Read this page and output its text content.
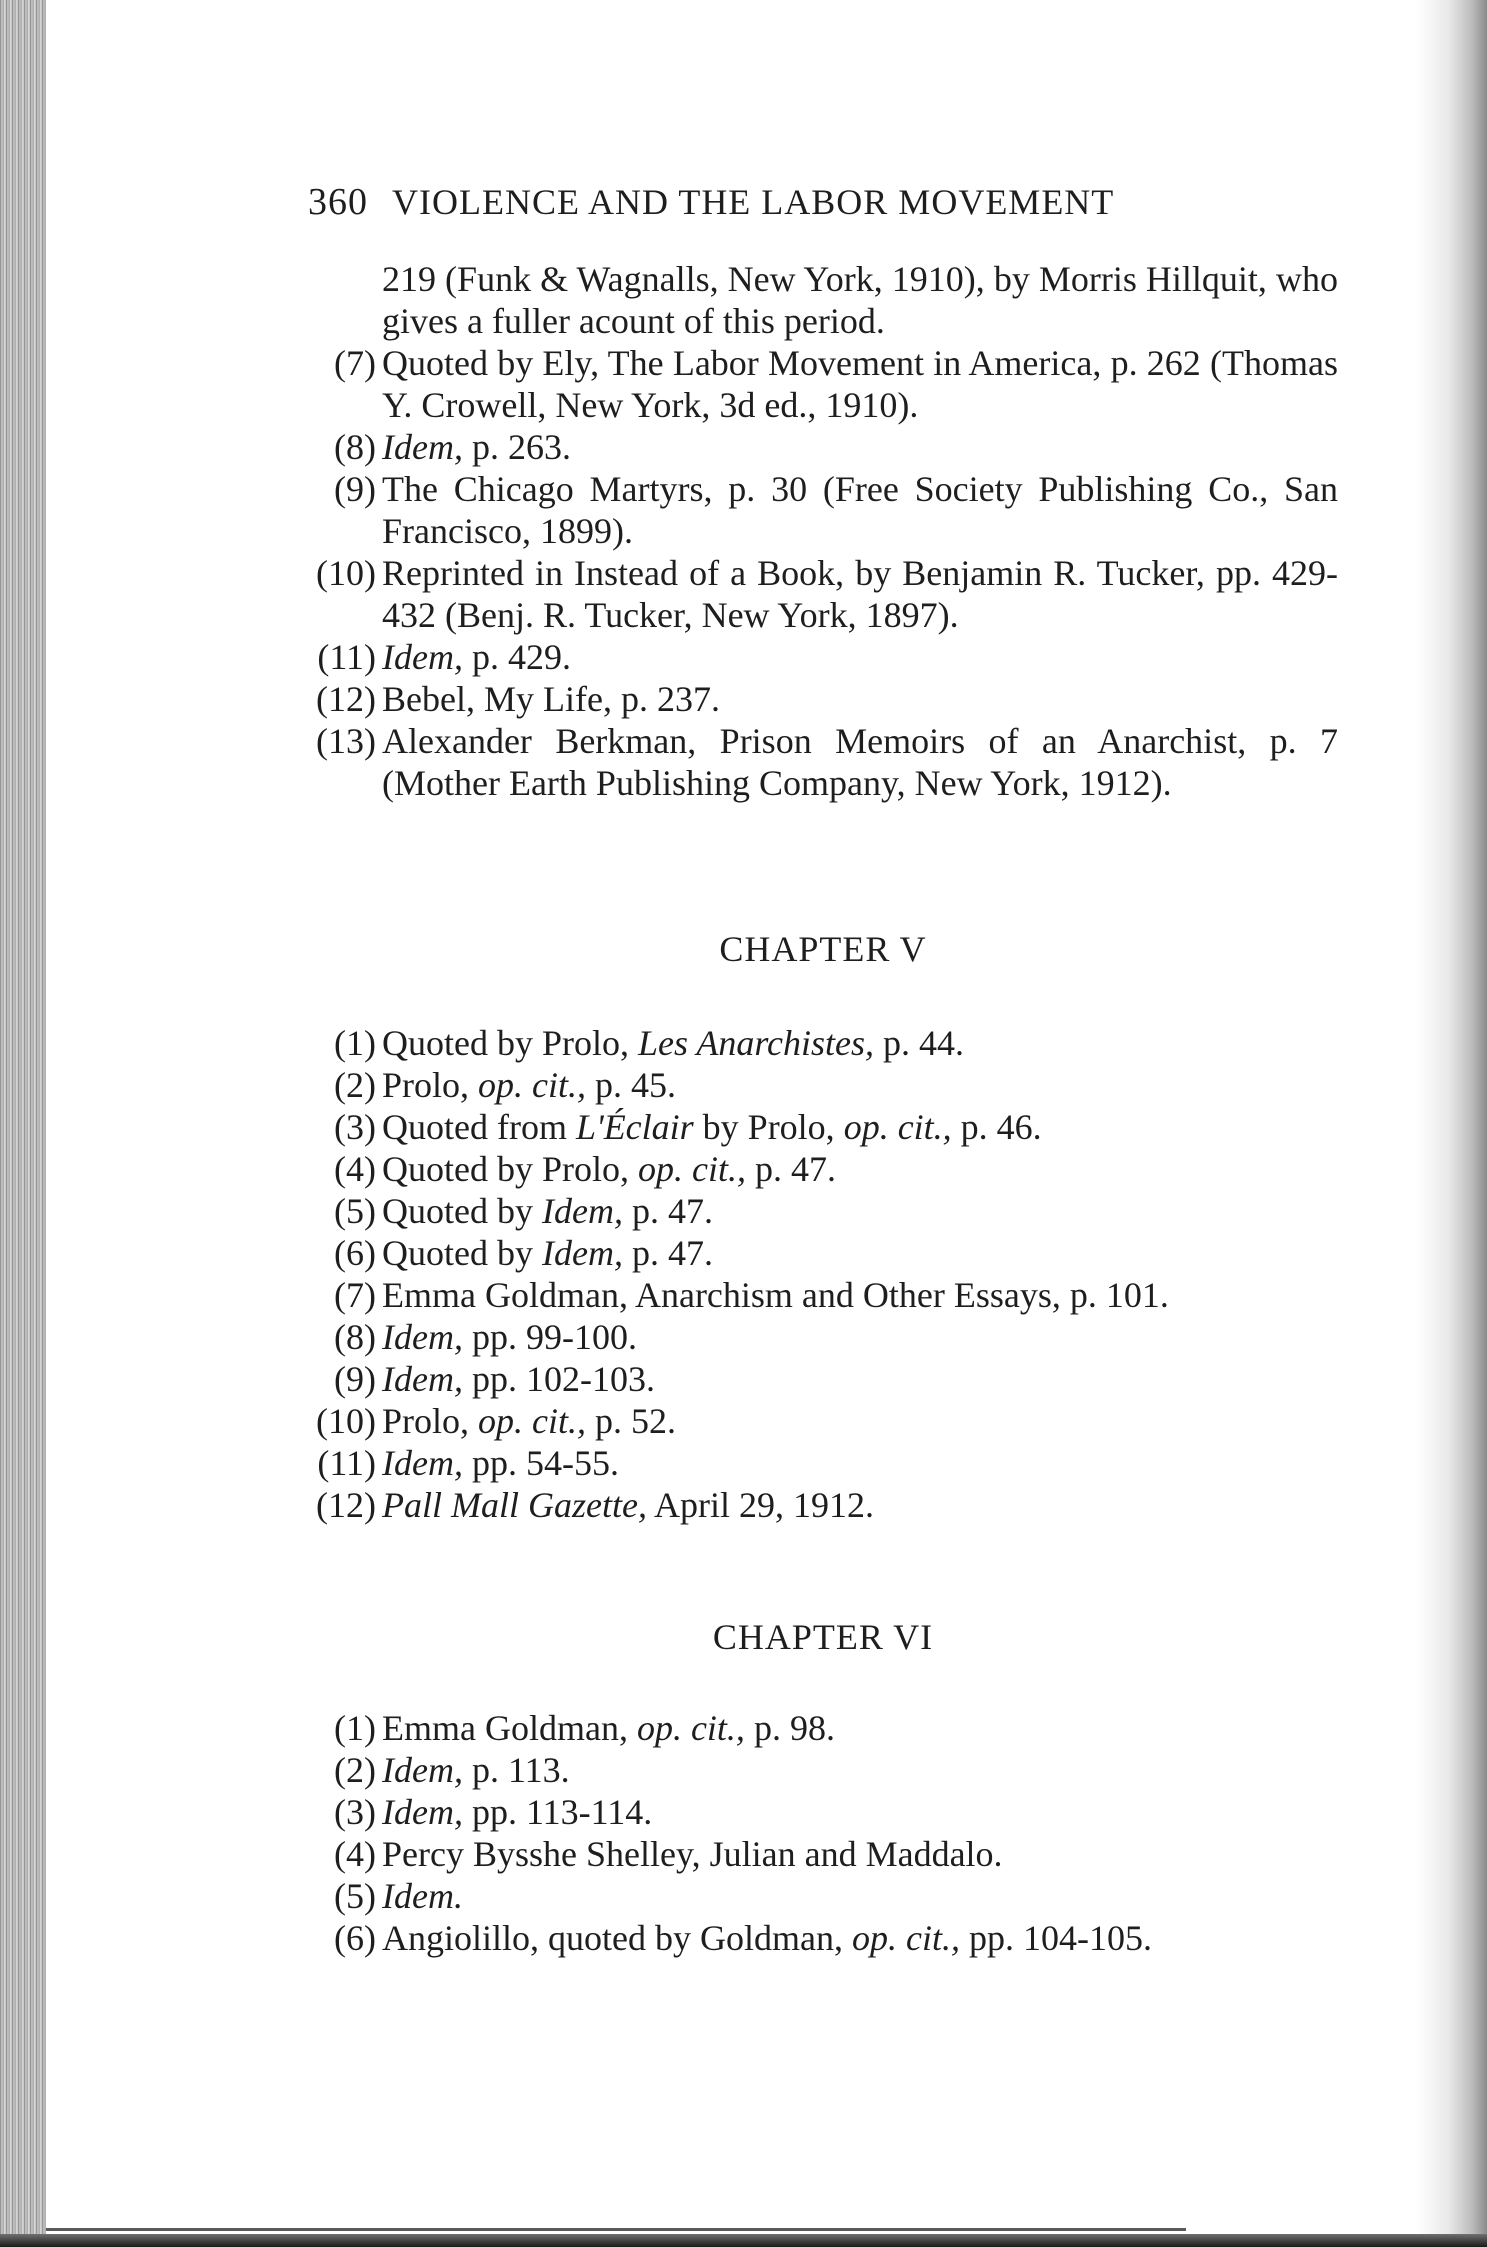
360 VIOLENCE AND THE LABOR MOVEMENT
219 (Funk & Wagnalls, New York, 1910), by Morris Hillquit, who gives a fuller acount of this period.
(7) Quoted by Ely, The Labor Movement in America, p. 262 (Thomas Y. Crowell, New York, 3d ed., 1910).
(8) Idem, p. 263.
(9) The Chicago Martyrs, p. 30 (Free Society Publishing Co., San Francisco, 1899).
(10) Reprinted in Instead of a Book, by Benjamin R. Tucker, pp. 429-432 (Benj. R. Tucker, New York, 1897).
(11) Idem, p. 429.
(12) Bebel, My Life, p. 237.
(13) Alexander Berkman, Prison Memoirs of an Anarchist, p. 7 (Mother Earth Publishing Company, New York, 1912).
CHAPTER V
(1) Quoted by Prolo, Les Anarchistes, p. 44.
(2) Prolo, op. cit., p. 45.
(3) Quoted from L'Éclair by Prolo, op. cit., p. 46.
(4) Quoted by Prolo, op. cit., p. 47.
(5) Quoted by Idem, p. 47.
(6) Quoted by Idem, p. 47.
(7) Emma Goldman, Anarchism and Other Essays, p. 101.
(8) Idem, pp. 99-100.
(9) Idem, pp. 102-103.
(10) Prolo, op. cit., p. 52.
(11) Idem, pp. 54-55.
(12) Pall Mall Gazette, April 29, 1912.
CHAPTER VI
(1) Emma Goldman, op. cit., p. 98.
(2) Idem, p. 113.
(3) Idem, pp. 113-114.
(4) Percy Bysshe Shelley, Julian and Maddalo.
(5) Idem.
(6) Angiolillo, quoted by Goldman, op. cit., pp. 104-105.
